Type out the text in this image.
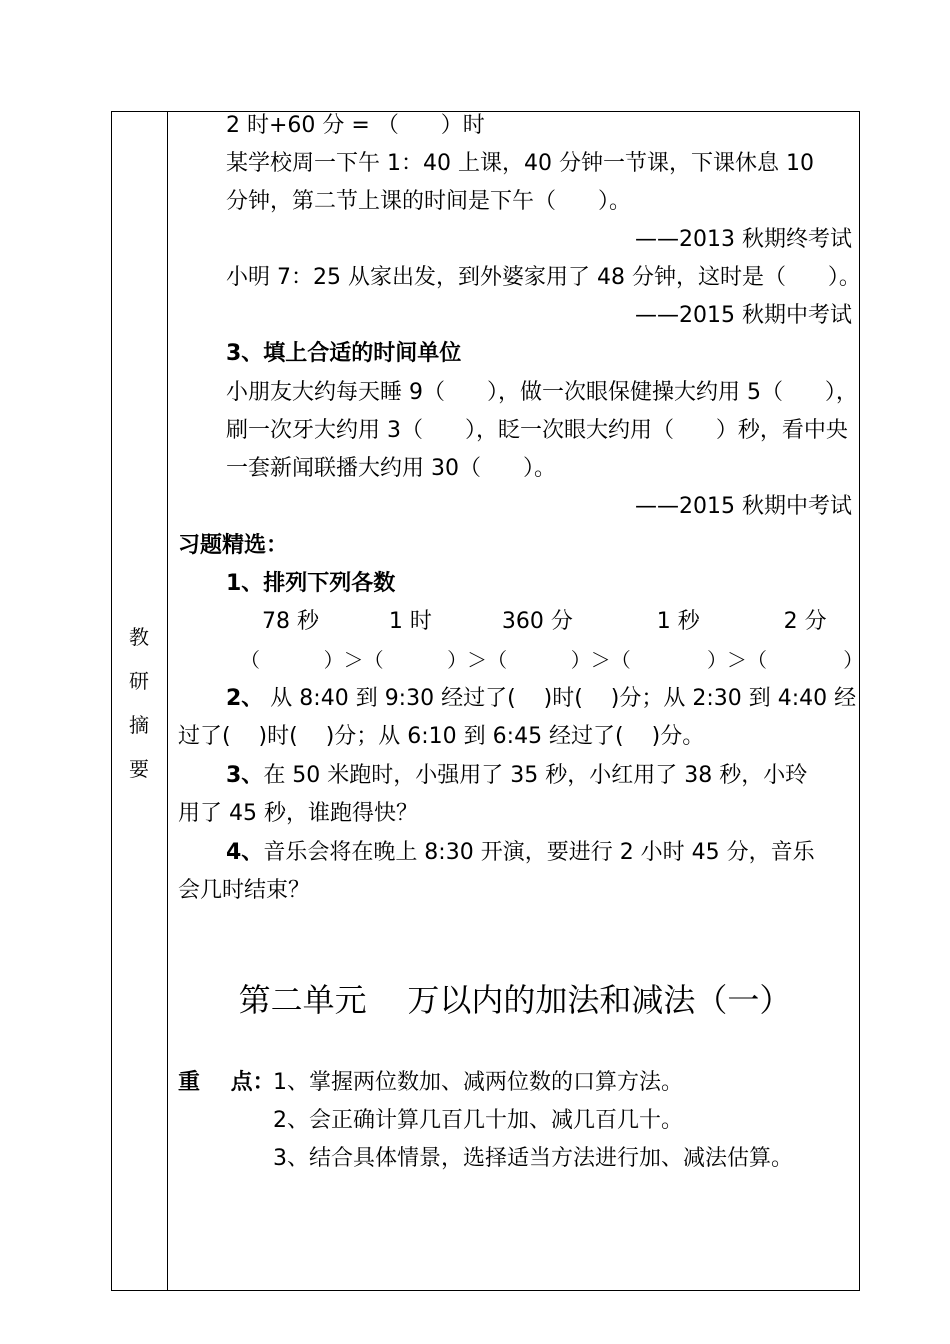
教
研
摘
要
2 时+60 分 = （      ）时
某学校周一下午 1：40 上课，40 分钟一节课，下课休息 10
分钟，第二节上课的时间是下午（      ）。
——2013 秋期终考试
小明 7：25 从家出发，到外婆家用了 48 分钟，这时是（      ）。
——2015 秋期中考试
3、填上合适的时间单位
小朋友大约每天睡 9（      ），做一次眼保健操大约用 5（      ），
刷一次牙大约用 3（      ），眨一次眼大约用（      ）秒，看中央
一套新闻联播大约用 30（      ）。
——2015 秋期中考试
习题精选：
1、排列下列各数
78 秒          1 时          360 分            1 秒            2 分
（          ）＞（          ）＞（          ）＞（            ）＞（            ）
2、 从 8:40 到 9:30 经过了(    )时(    )分；从 2:30 到 4:40 经
过了(    )时(    )分；从 6:10 到 6:45 经过了(    )分。
3、在 50 米跑时，小强用了 35 秒，小红用了 38 秒，小玲
用了 45 秒，谁跑得快？
4、音乐会将在晚上 8:30 开演，要进行 2 小时 45 分，音乐
会几时结束？
第二单元    万以内的加法和减法（一）
重    点：
1、掌握两位数加、减两位数的口算方法。
2、会正确计算几百几十加、减几百几十。
3、结合具体情景，选择适当方法进行加、减法估算。
